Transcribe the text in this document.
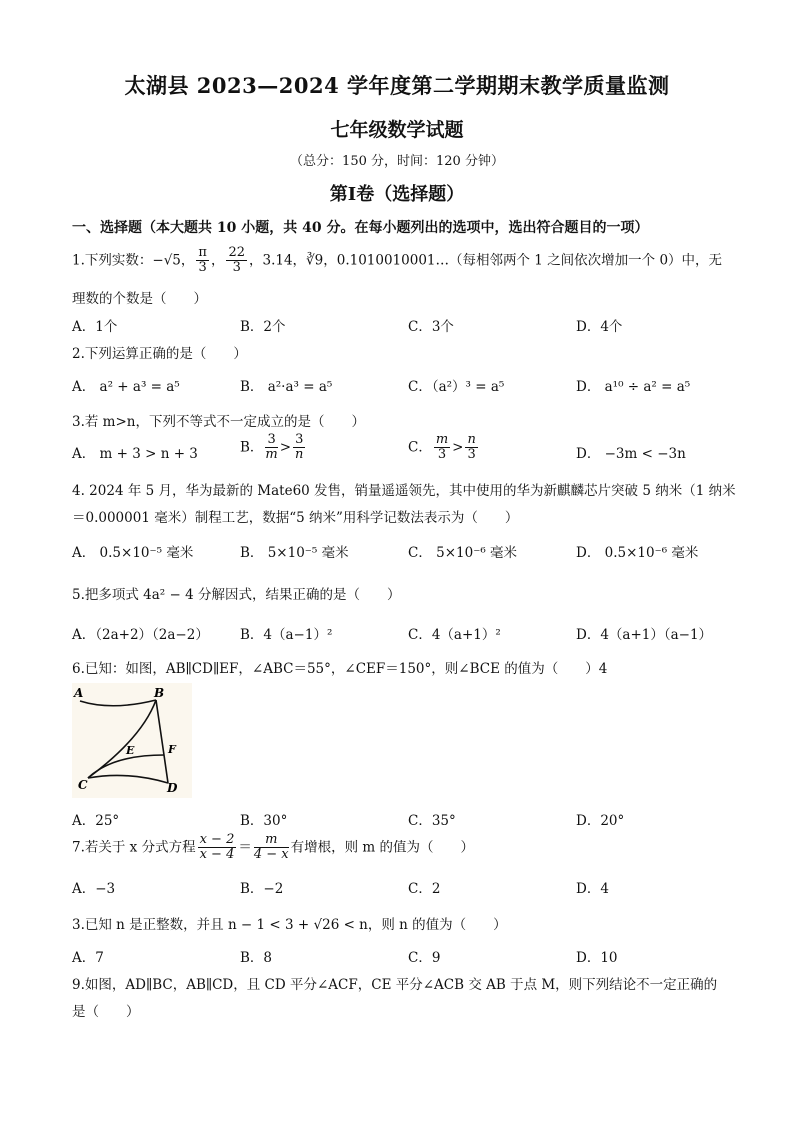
太湖县 2023—2024 学年度第二学期期末教学质量监测
七年级数学试题
（总分：150 分，时间：120 分钟）
第Ⅰ卷（选择题）
一、选择题（本大题共 10 小题，共 40 分。在每小题列出的选项中，选出符合题目的一项）
1.下列实数：−√5， $\frac{\pi}{3}$ ， $\frac{22}{3}$ ，3.14，∛9，0.1010010001…（每相邻两个 1 之间依次增加一个 0）中，无
理数的个数是（　　）
A．1个	B．2个	C．3个	D．4个
2.下列运算正确的是（　　）
A． a² + a³ = a⁵	B． a²·a³ = a⁵	C．（a²）³ = a⁵	D． a¹⁰ ÷ a² = a⁵
3.若 m>n，下列不等式不一定成立的是（　　）
A． m + 3 > n + 3	B． $\frac{3}{m} > \frac{3}{n}$	C． $\frac{m}{3} > \frac{n}{3}$	D． −3m < −3n
4. 2024 年 5 月，华为最新的 Mate60 发售，销量遥遥领先，其中使用的华为新麒麟芯片突破 5 纳米（1 纳米
＝0.000001 毫米）制程工艺，数据“5 纳米”用科学记数法表示为（　　）
A． 0.5×10⁻⁵ 毫米	B． 5×10⁻⁵ 毫米	C． 5×10⁻⁶ 毫米	D． 0.5×10⁻⁶ 毫米
5.把多项式 4a² − 4 分解因式，结果正确的是（　　）
A．（2a+2）（2a−2） B．4（a−1）²	C．4（a+1）²	D．4（a+1）（a−1）
6.已知：如图，AB∥CD∥EF，∠ABC＝55°，∠CEF＝150°，则∠BCE 的值为（　　）4
A	B
C	D
E	F
A．25°	B．30°	C．35°	D．20°
7.若关于 x 分式方程 $\frac{x - 2}{x - 4} = \frac{m}{4 - x}$ 有增根，则 m 的值为（　　）
A．−3	B．−2	C．2	D．4
3.已知 n 是正整数，并且 n − 1 < 3 + √26 < n，则 n 的值为（　　）
A．7	B．8	C．9	D．10
9.如图，AD∥BC，AB∥CD，且 CD 平分∠ACF，CE 平分∠ACB 交 AB 于点 M，则下列结论不一定正确的
是（　　）
